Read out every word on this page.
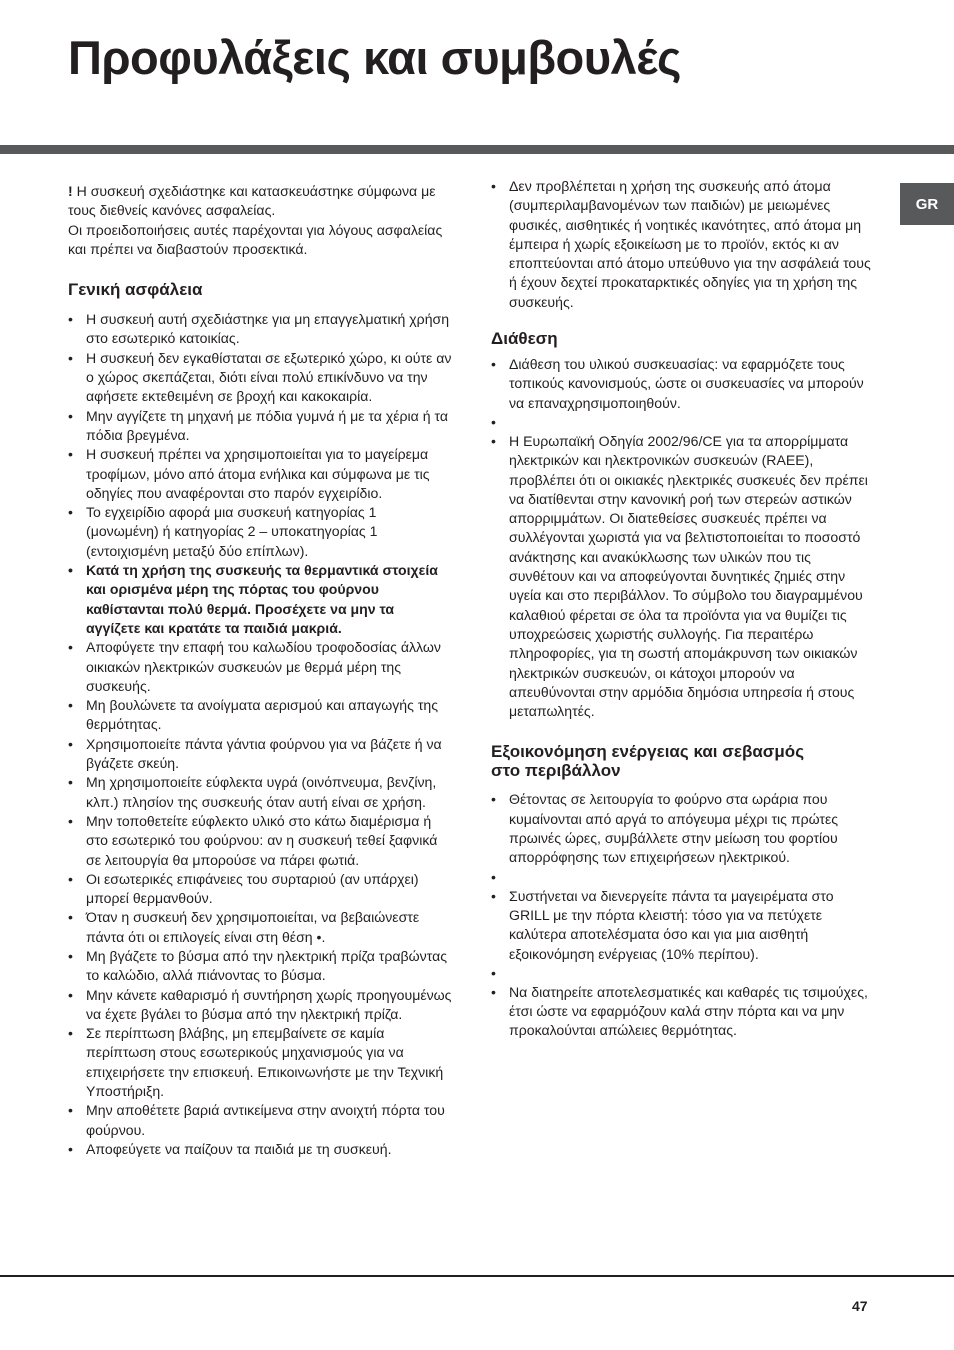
Προφυλάξεις και συμβουλές
GR

! Η συσκευή σχεδιάστηκε και κατασκευάστηκε σύμφωνα με τους διεθνείς κανόνες ασφαλείας.
Οι προειδοποιήσεις αυτές παρέχονται για λόγους ασφαλείας και πρέπει να διαβαστούν προσεκτικά.

Γενική ασφάλεια
• Η συσκευή αυτή σχεδιάστηκε για μη επαγγελματική χρήση στο εσωτερικό κατοικίας.
• Η συσκευή δεν εγκαθίσταται σε εξωτερικό χώρο, κι ούτε αν ο χώρος σκεπάζεται, διότι είναι πολύ επικίνδυνο να την αφήσετε εκτεθειμένη σε βροχή και κακοκαιρία.
• Μην αγγίζετε τη μηχανή με πόδια γυμνά ή με τα χέρια ή τα πόδια βρεγμένα.
• Η συσκευή πρέπει να χρησιμοποιείται για το μαγείρεμα τροφίμων, μόνο από άτομα ενήλικα και σύμφωνα με τις οδηγίες που αναφέρονται στο παρόν εγχειρίδιο.
• Το εγχειρίδιο αφορά μια συσκευή κατηγορίας 1 (μονωμένη) ή κατηγορίας 2 – υποκατηγορίας 1 (εντοιχισμένη μεταξύ δύο επίπλων).
• Κατά τη χρήση της συσκευής τα θερμαντικά στοιχεία και ορισμένα μέρη της πόρτας του φούρνου καθίστανται πολύ θερμά. Προσέχετε να μην τα αγγίζετε και κρατάτε τα παιδιά μακριά.
• Αποφύγετε την επαφή του καλωδίου τροφοδοσίας άλλων οικιακών ηλεκτρικών συσκευών με θερμά μέρη της συσκευής.
• Μη βουλώνετε τα ανοίγματα αερισμού και απαγωγής της θερμότητας.
• Χρησιμοποιείτε πάντα γάντια φούρνου για να βάζετε ή να βγάζετε σκεύη.
• Μη χρησιμοποιείτε εύφλεκτα υγρά (οινόπνευμα, βενζίνη, κλπ.) πλησίον της συσκευής όταν αυτή είναι σε χρήση.
• Μην τοποθετείτε εύφλεκτο υλικό στο κάτω διαμέρισμα ή στο εσωτερικό του φούρνου: αν η συσκευή τεθεί ξαφνικά σε λειτουργία θα μπορούσε να πάρει φωτιά.
• Οι εσωτερικές επιφάνειες του συρταριού (αν υπάρχει) μπορεί θερμανθούν.
• Όταν η συσκευή δεν χρησιμοποιείται, να βεβαιώνεστε πάντα ότι οι επιλογείς είναι στη θέση •.
• Μη βγάζετε το βύσμα από την ηλεκτρική πρίζα τραβώντας το καλώδιο, αλλά πιάνοντας το βύσμα.
• Μην κάνετε καθαρισμό ή συντήρηση χωρίς προηγουμένως να έχετε βγάλει το βύσμα από την ηλεκτρική πρίζα.
• Σε περίπτωση βλάβης, μη επεμβαίνετε σε καμία περίπτωση στους εσωτερικούς μηχανισμούς για να επιχειρήσετε την επισκευή. Επικοινωνήστε με την Τεχνική Υποστήριξη.
• Μην αποθέτετε βαριά αντικείμενα στην ανοιχτή πόρτα του φούρνου.
• Αποφεύγετε να παίζουν τα παιδιά με τη συσκευή.
• Δεν προβλέπεται η χρήση της συσκευής από άτομα (συμπεριλαμβανομένων των παιδιών) με μειωμένες φυσικές, αισθητικές ή νοητικές ικανότητες, από άτομα μη έμπειρα ή χωρίς εξοικείωση με το προϊόν, εκτός κι αν εποπτεύονται από άτομο υπεύθυνο για την ασφάλειά τους ή έχουν δεχτεί προκαταρκτικές οδηγίες για τη χρήση της συσκευής.
Διάθεση
• Διάθεση του υλικού συσκευασίας: να εφαρμόζετε τους τοπικούς κανονισμούς, ώστε οι συσκευασίες να μπορούν να επαναχρησιμοποιηθούν.
•
• Η Ευρωπαϊκή Οδηγία 2002/96/CE για τα απορρίμματα ηλεκτρικών και ηλεκτρονικών συσκευών (RAEE), προβλέπει ότι οι οικιακές ηλεκτρικές συσκευές δεν πρέπει να διατίθενται στην κανονική ροή των στερεών αστικών απορριμμάτων. Οι διατεθείσες συσκευές πρέπει να συλλέγονται χωριστά για να βελτιστοποιείται το ποσοστό ανάκτησης και ανακύκλωσης των υλικών που τις συνθέτουν και να αποφεύγονται δυνητικές ζημιές στην υγεία και στο περιβάλλον. Το σύμβολο του διαγραμμένου καλαθιού φέρεται σε όλα τα προϊόντα για να θυμίζει τις υποχρεώσεις χωριστής συλλογής. Για περαιτέρω πληροφορίες, για τη σωστή απομάκρυνση των οικιακών ηλεκτρικών συσκευών, οι κάτοχοι μπορούν να απευθύνονται στην αρμόδια δημόσια υπηρεσία ή στους μεταπωλητές.
Εξοικονόμηση ενέργειας και σεβασμός
στο περιβάλλον
• Θέτοντας σε λειτουργία το φούρνο στα ωράρια που κυμαίνονται από αργά το απόγευμα μέχρι τις πρώτες πρωινές ώρες, συμβάλλετε στην μείωση του φορτίου απορρόφησης των επιχειρήσεων ηλεκτρικού.
•
• Συστήνεται να διενεργείτε πάντα τα μαγειρέματα στο GRILL με την πόρτα κλειστή: τόσο για να πετύχετε καλύτερα αποτελέσματα όσο και για μια αισθητή εξοικονόμηση ενέργειας (10% περίπου).
•
• Να διατηρείτε αποτελεσματικές και καθαρές τις τσιμούχες, έτσι ώστε να εφαρμόζουν καλά στην πόρτα και να μην προκαλούνται απώλειες θερμότητας.
47
